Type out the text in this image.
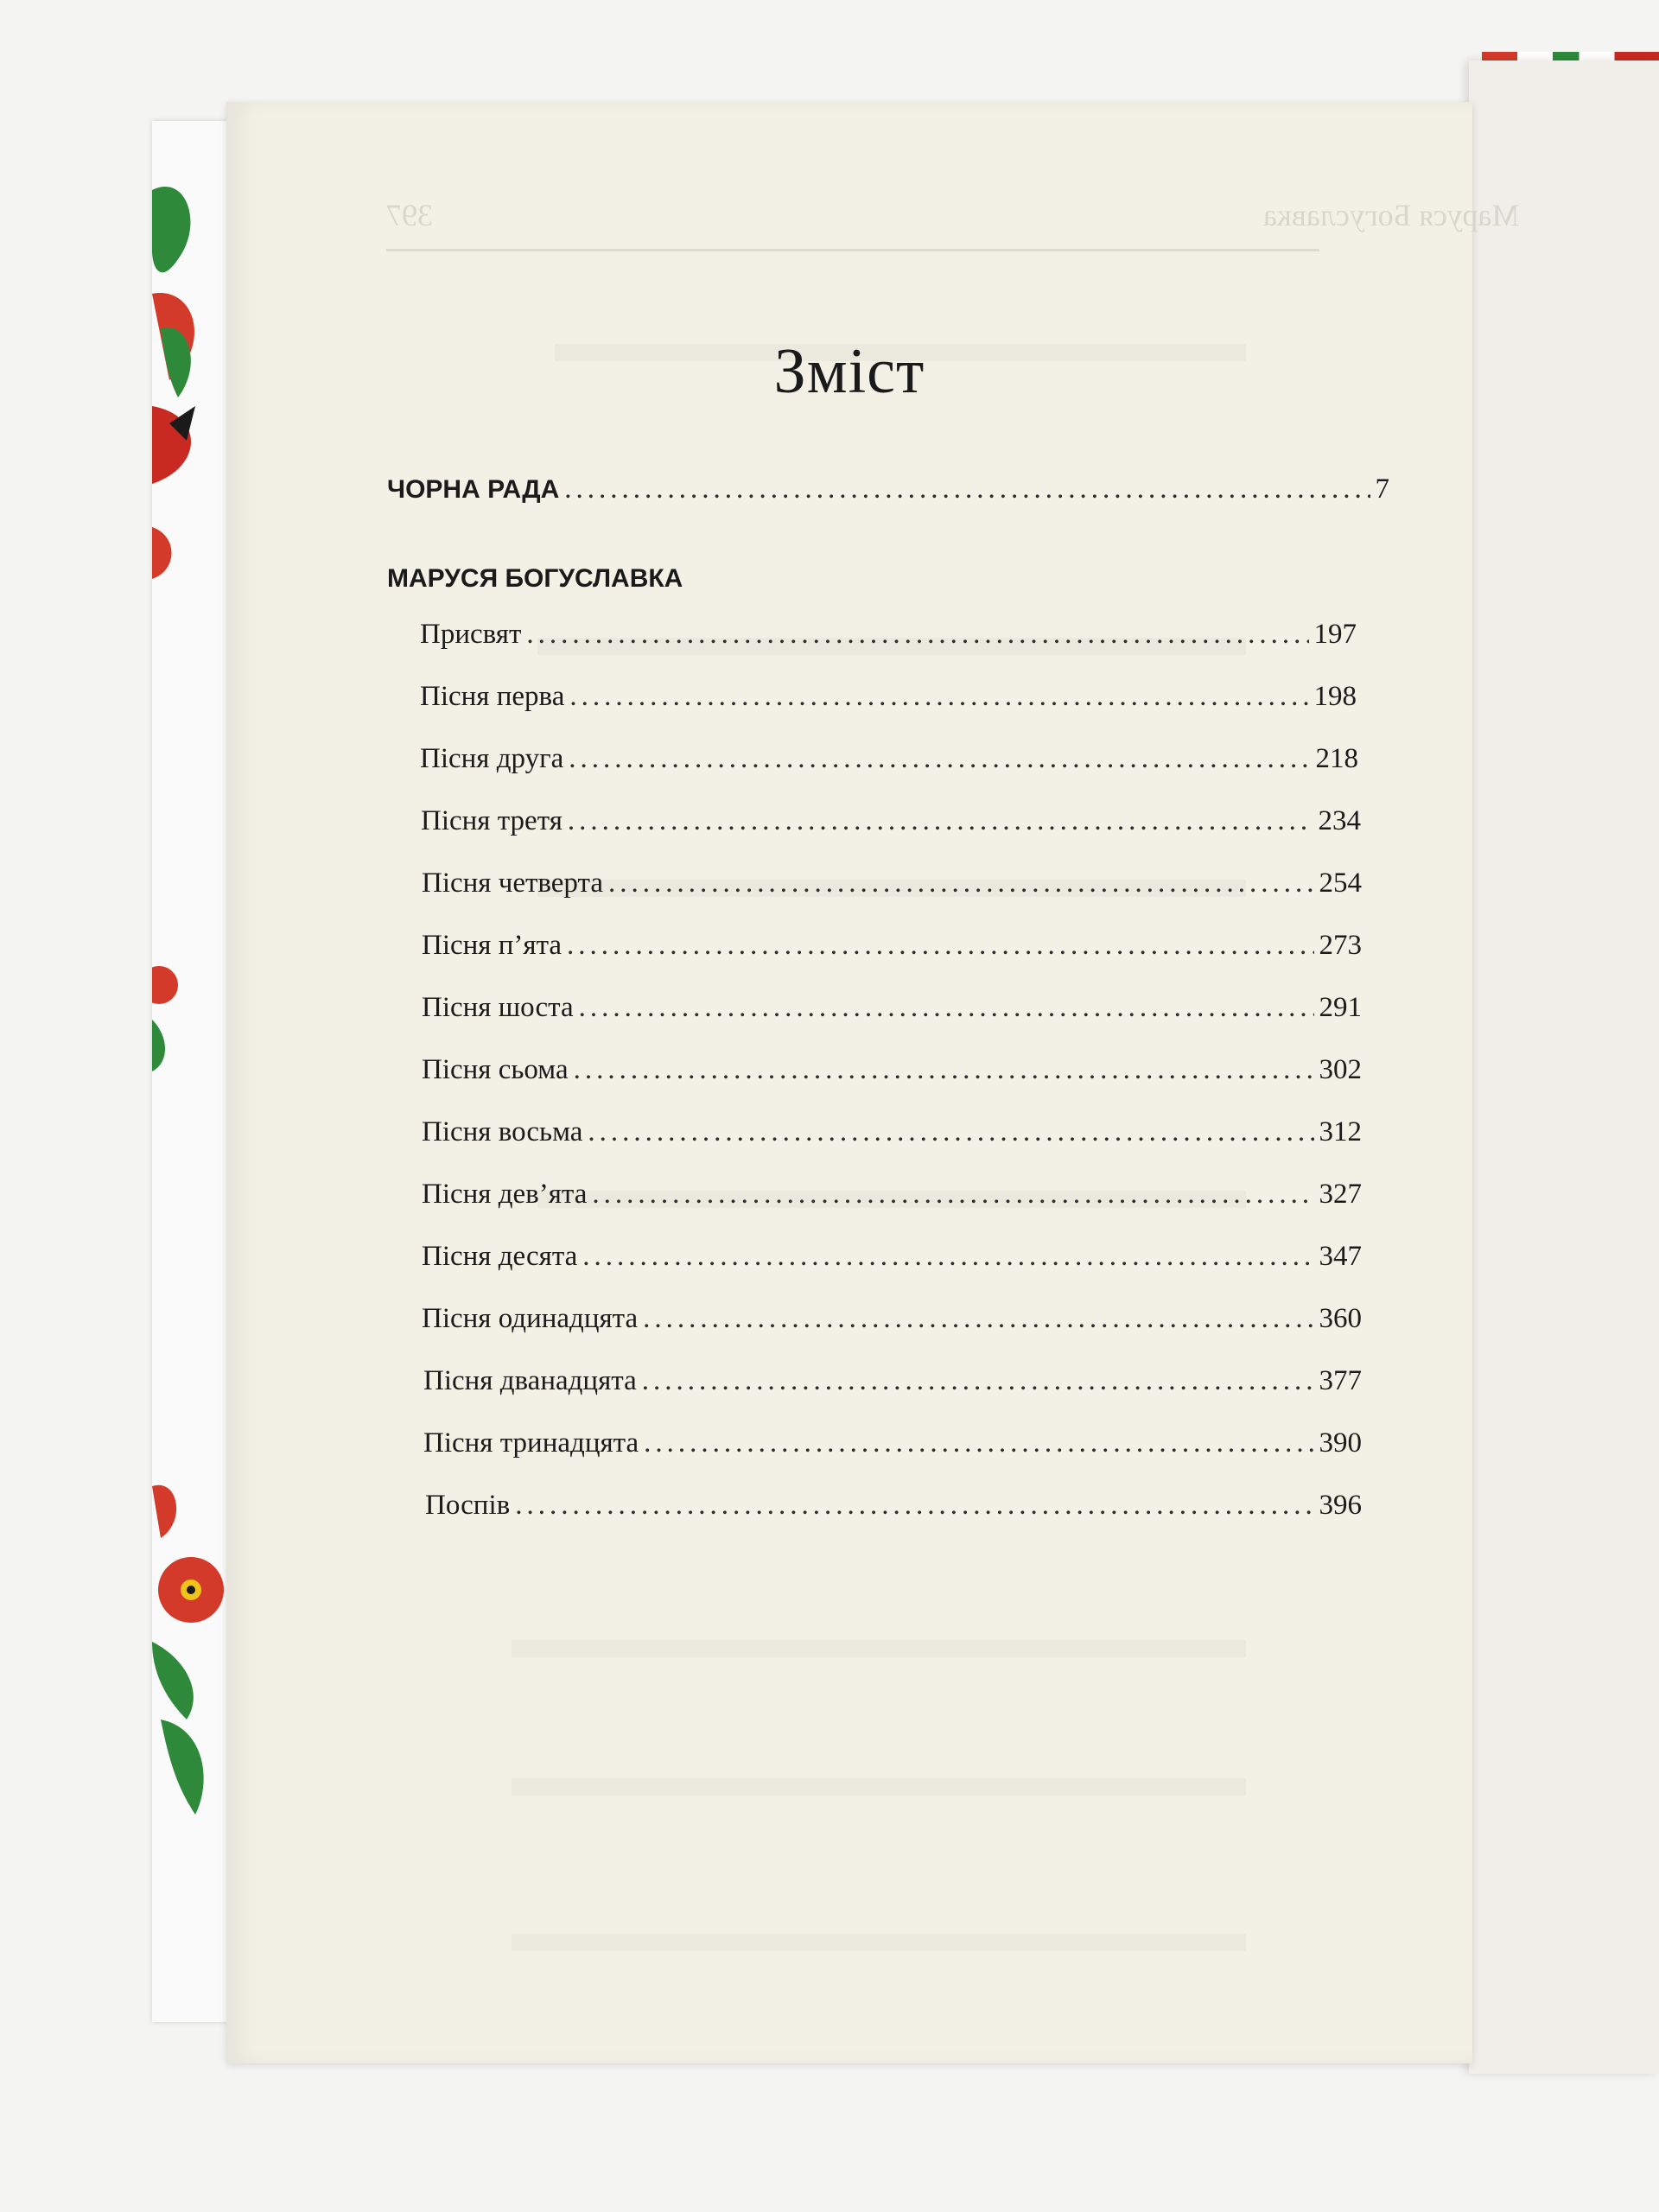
Маруся Богуславка
397
Зміст
ЧОРНА РАДА .....	7
МАРУСЯ БОГУСЛАВКА
Присвят .....	197
Пісня перва .....	198
Пісня друга .....	218
Пісня третя .....	234
Пісня четверта .....	254
Пісня п’ята .....	273
Пісня шоста .....	291
Пісня сьома .....	302
Пісня восьма .....	312
Пісня дев’ята .....	327
Пісня десята .....	347
Пісня одинадцята .....	360
Пісня дванадцята .....	377
Пісня тринадцята .....	390
Поспів .....	396
